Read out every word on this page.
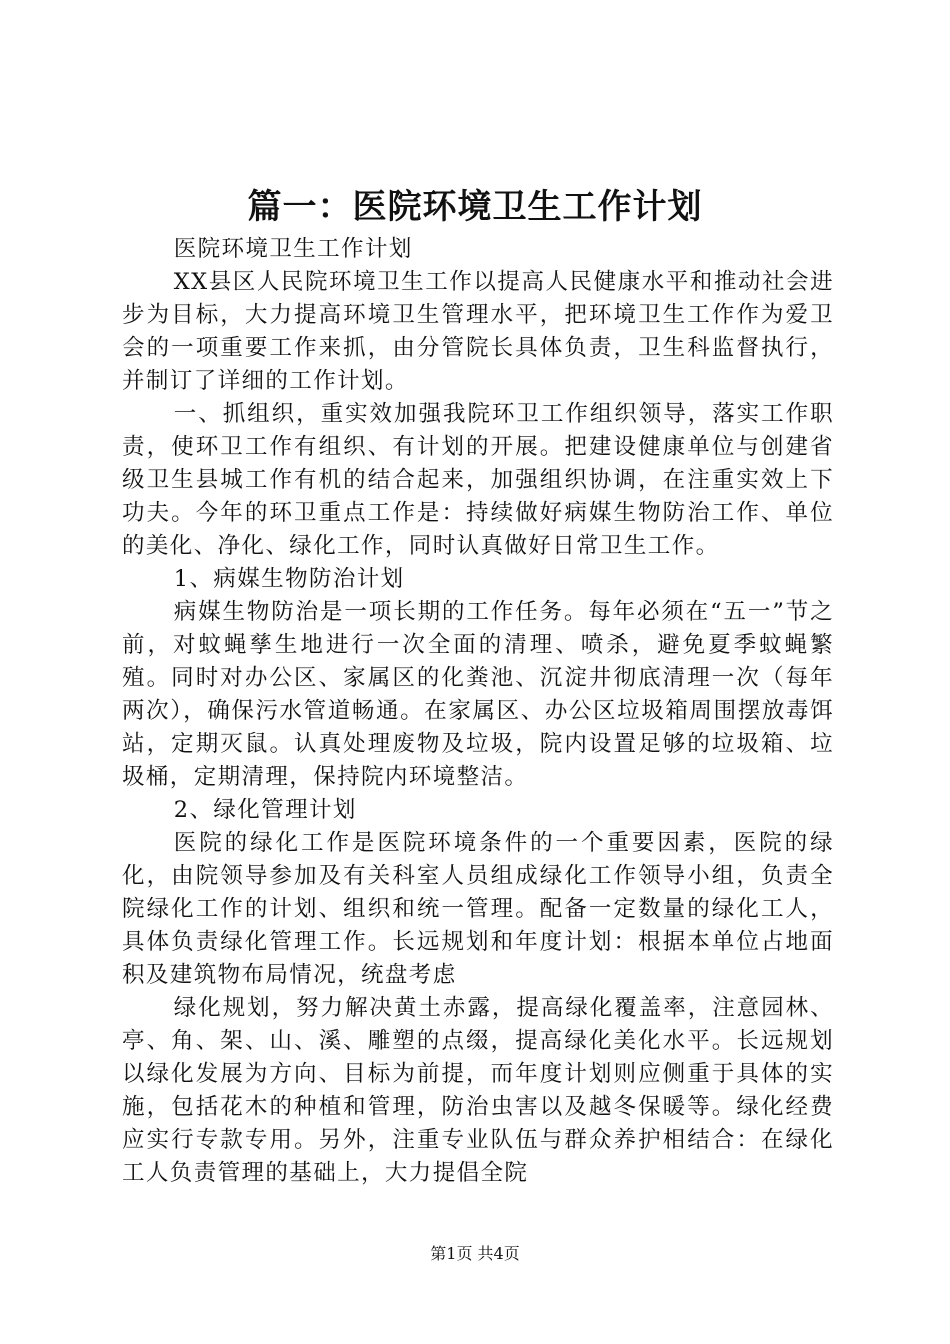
篇一：医院环境卫生工作计划

医院环境卫生工作计划

XX县区人民院环境卫生工作以提高人民健康水平和推动社会进步为目标，大力提高环境卫生管理水平，把环境卫生工作作为爱卫会的一项重要工作来抓，由分管院长具体负责，卫生科监督执行，并制订了详细的工作计划。

一、抓组织，重实效加强我院环卫工作组织领导，落实工作职责，使环卫工作有组织、有计划的开展。把建设健康单位与创建省级卫生县城工作有机的结合起来，加强组织协调，在注重实效上下功夫。今年的环卫重点工作是：持续做好病媒生物防治工作、单位的美化、净化、绿化工作，同时认真做好日常卫生工作。

1、病媒生物防治计划

病媒生物防治是一项长期的工作任务。每年必须在“五一”节之前，对蚊蝇孳生地进行一次全面的清理、喷杀，避免夏季蚊蝇繁殖。同时对办公区、家属区的化粪池、沉淀井彻底清理一次（每年两次），确保污水管道畅通。在家属区、办公区垃圾箱周围摆放毒饵站，定期灭鼠。认真处理废物及垃圾，院内设置足够的垃圾箱、垃圾桶，定期清理，保持院内环境整洁。

2、绿化管理计划

医院的绿化工作是医院环境条件的一个重要因素，医院的绿化，由院领导参加及有关科室人员组成绿化工作领导小组，负责全院绿化工作的计划、组织和统一管理。配备一定数量的绿化工人，具体负责绿化管理工作。长远规划和年度计划：根据本单位占地面积及建筑物布局情况，统盘考虑

绿化规划，努力解决黄土赤露，提高绿化覆盖率，注意园林、亭、角、架、山、溪、雕塑的点缀，提高绿化美化水平。长远规划以绿化发展为方向、目标为前提，而年度计划则应侧重于具体的实施，包括花木的种植和管理，防治虫害以及越冬保暖等。绿化经费应实行专款专用。另外，注重专业队伍与群众养护相结合：在绿化工人负责管理的基础上，大力提倡全院

第1页 共4页
